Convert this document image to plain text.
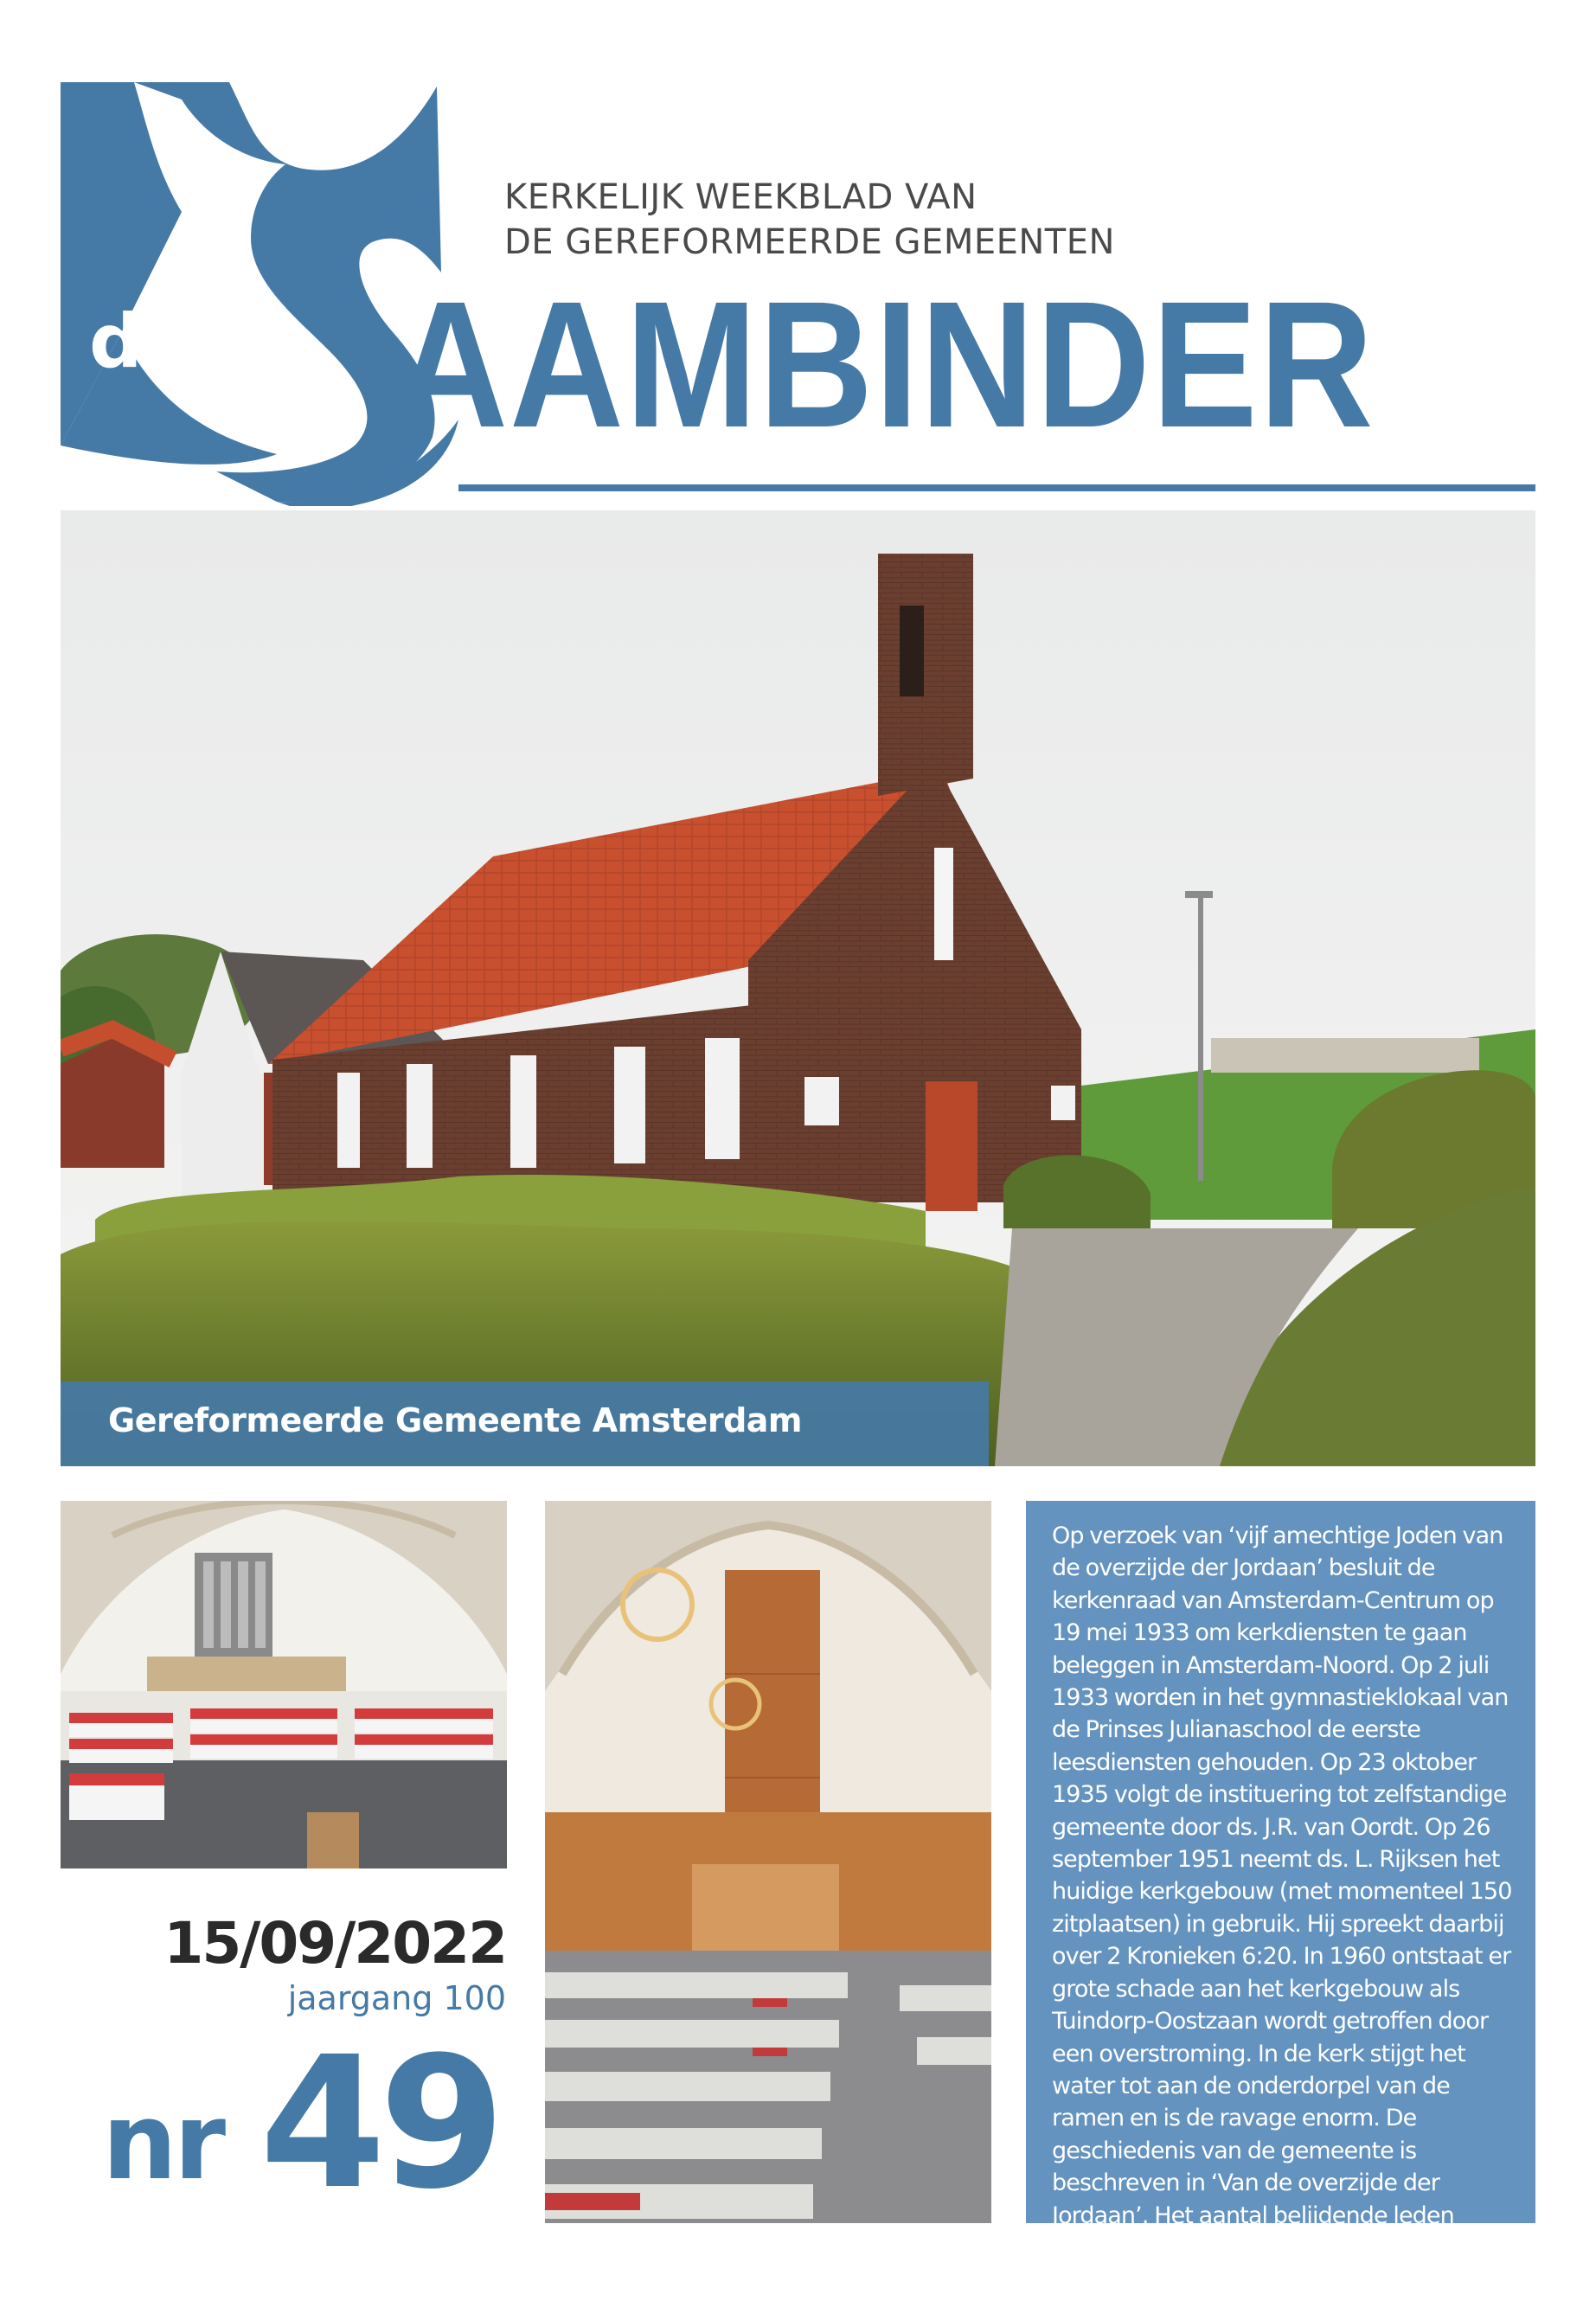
de
KERKELIJK WEEKBLAD VAN
DE GEREFORMEERDE GEMEENTEN
AAMBINDER
Gereformeerde Gemeente Amsterdam
15/09/2022
jaargang 100
nr 49
Op verzoek van ‘vijf amechtige Joden van de overzijde der Jordaan’ besluit de kerkenraad van Amsterdam-Centrum op 19 mei 1933 om kerkdiensten te gaan beleggen in Amsterdam-Noord. Op 2 juli 1933 worden in het gymnastieklokaal van de Prinses Julianaschool de eerste leesdiensten gehouden. Op 23 oktober 1935 volgt de instituering tot zelfstandige gemeente door ds. J.R. van Oordt. Op 26 september 1951 neemt ds. L. Rijksen het huidige kerkgebouw (met momenteel 150 zitplaatsen) in gebruik. Hij spreekt daarbij over 2 Kronieken 6:20. In 1960 ontstaat er grote schade aan het kerkgebouw als Tuindorp-Oostzaan wordt getroffen door een overstroming. In de kerk stijgt het water tot aan de onderdorpel van de ramen en is de ravage enorm. De geschiedenis van de gemeente is beschreven in ‘Van de overzijde der Jordaan’. Het aantal belijdende leden bedraagt 55, het aantal doopleden 37.
